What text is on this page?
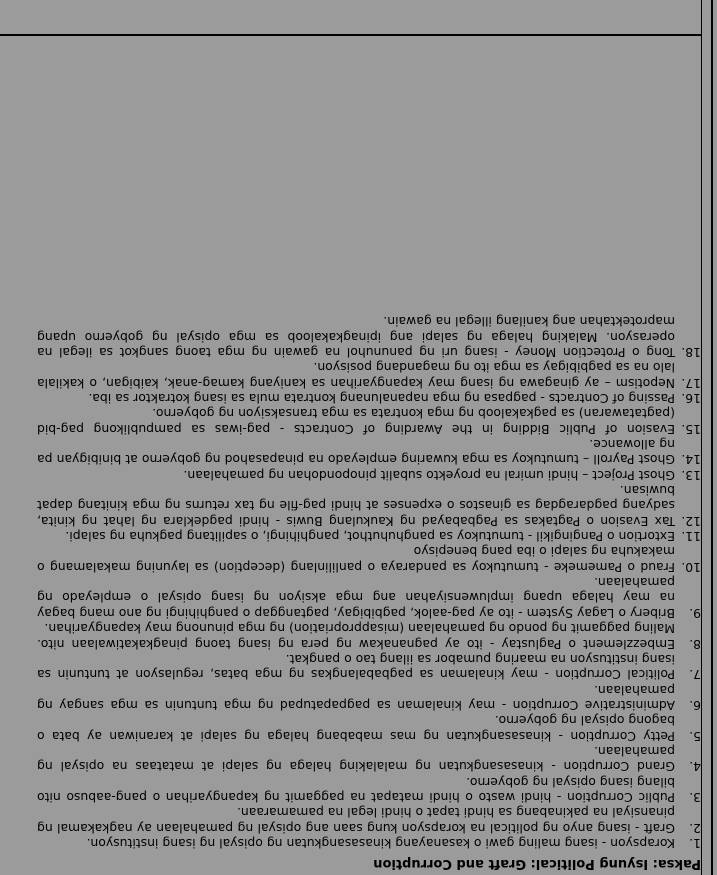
Paksa: Isyung Political: Graft and Corruption
1.
Korapsyon - isang maling gawi o kasanayang kinasasangkutan ng opisyal ng isang institusyon.
2.
Graft - isang anyo ng political na korapsyon kung saan ang opisyal ng pamahalaan ay nagkakamal ng pinansiyal na pakinabang sa hindi tapat o hindi legal na pamamaraan.
3.
Public Corruption - hindi wasto o hindi matapat na paggamit ng kapangyarihan o pang-aabuso nito bilang isang opisyal ng gobyerno.
4.
Grand Corruption - kinasasangkutan ng malalaking halaga ng salapi at matataas na opisyal ng pamahalaan.
5.
Petty Corruption - kinasasangkutan ng mas mababang halaga ng salapi at karaniwan ay bata o bagong opisyal ng gobyerno.
6.
Administrative Corruption - may kinalaman sa pagpapatupad ng mga tuntunin sa mga sangay ng pamahalaan.
7.
Political Corruption - may kinalaman sa pagbabalangkas ng mga batas, regulasyon at tuntunin sa isang institusyon na maaring pumabor sa iilang tao o pangkat.
8.
Embezzlement o Paglustay - ito ay pagnanakaw ng pera ng isang taong pinagkakatiwalaan nito. Maling paggamit ng pondo ng pamahalaan (misappropriation) ng mga pinunong may kapangyarihan.
9.
Bribery o Lagay System - ito ay pag-aalok, pagbibigay, pagtanggap o panghihingi ng ano mang bagay na may halaga upang impluwensiyahan ang mga aksiyon ng isang opisyal o empleyado ng pamahalaan.
10.
Fraud o Pamemeke - tumutukoy sa pandaraya o panlilinlang (deception) sa layuning makalamang o makakuha ng salapi o iba pang benepisyo
11.
Extortion o Pangingikil - tumutukoy sa panghuhuthot, panghihingi, o sapilitang pagkuha ng salapi.
12.
Tax Evasion o Pagtakas sa Pagbabayad ng Kaukulang Buwis - hindi pagdeklara ng lahat ng kinita, sadyang pagdaragdag sa ginastos o expenses at hindi pag-file ng tax returns ng mga kinitang dapat buwisan.
13.
Ghost Project – hindi umiral na proyekto subalit pinopondohan ng pamahalaan.
14.
Ghost Payroll – tumutukoy sa mga kuwaring empleyado na pinapasahod ng gobyerno at binibigyan pa ng allowance.
15.
Evasion of Public Bidding in the Awarding of Contracts - pag-iwas sa pampublikong pag-bid (pagtatawaran) sa pagkakaloob ng mga kontrata sa mga transaksiyon ng gobyerno.
16.
Passing of Contracts - pagpasa ng mga napanalunang kontrata mula sa isang kotraktor sa iba.
17.
Nepotism – ay ginagawa ng isang may kapangyarihan sa kaniyang kamag-anak, kaibigan, o kakilala lalo na sa pagbibigay sa mga ito ng magandang posisyon.
18.
Tong o Protection Money - isang uri ng panunuhol na gawain ng mga taong sangkot sa ilegal na operasyon. Malaking halaga ng salapi ang ipinagkakaloob sa mga opisyal ng gobyerno upang maprotektahan ang kanilang illegal na gawain.
